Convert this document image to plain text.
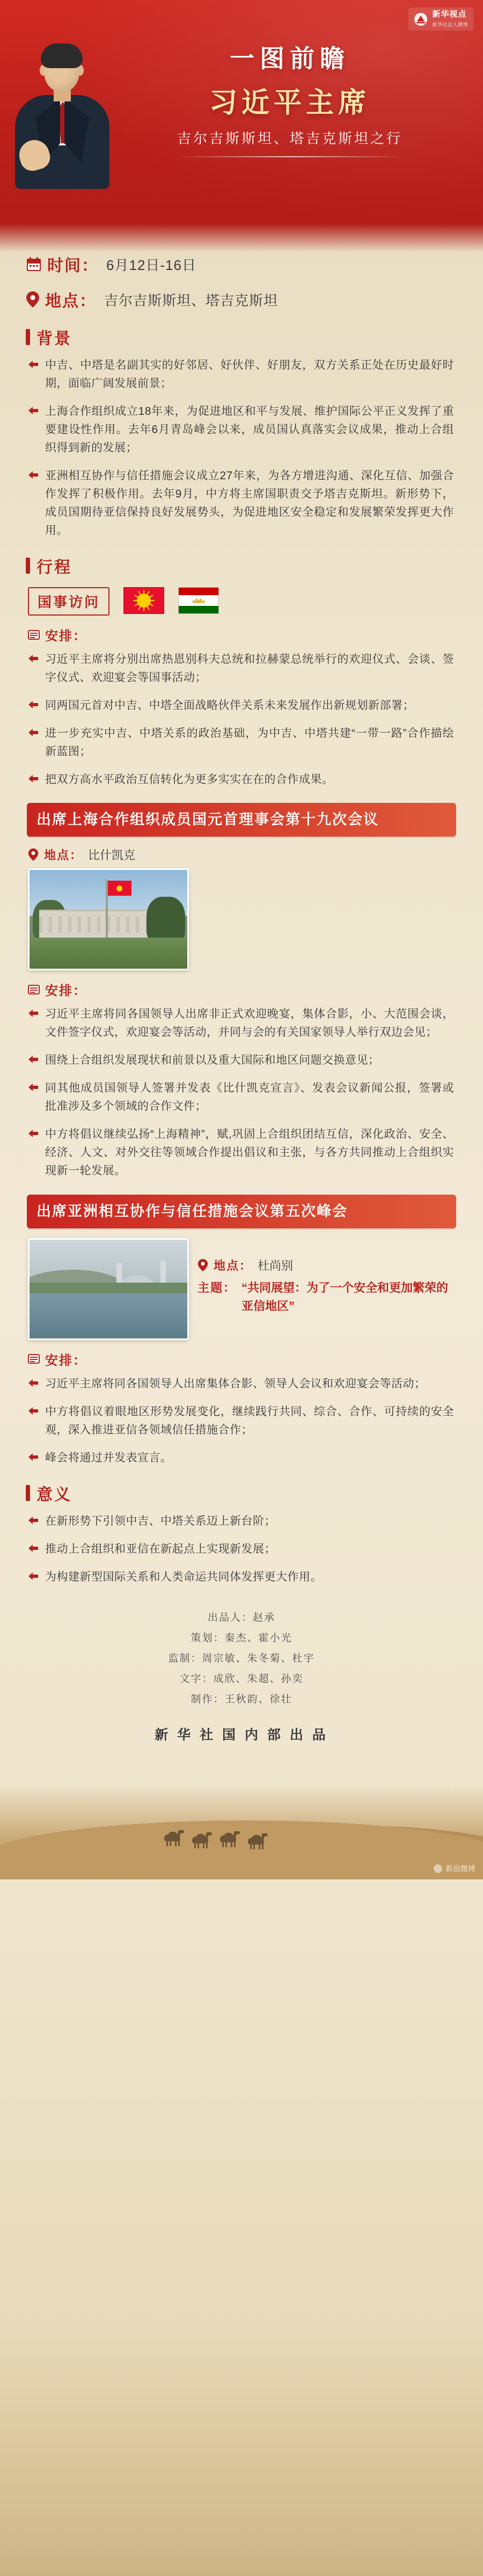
新华视点
新华社法人微博
一图前瞻
习近平主席
吉尔吉斯斯坦、塔吉克斯坦之行
时间： 6月12日-16日
地点： 吉尔吉斯斯坦、塔吉克斯坦
背景

中吉、中塔是名副其实的好邻居、好伙伴、好朋友，双方关系正处在历史最好时期，面临广阔发展前景；

上海合作组织成立18年来，为促进地区和平与发展、维护国际公平正义发挥了重要建设性作用。去年6月青岛峰会以来，成员国认真落实会议成果，推动上合组织得到新的发展；

亚洲相互协作与信任措施会议成立27年来，为各方增进沟通、深化互信、加强合作发挥了积极作用。去年9月，中方将主席国职责交予塔吉克斯坦。新形势下，成员国期待亚信保持良好发展势头，为促进地区安全稳定和发展繁荣发挥更大作用。

行程
国事访问
安排：

习近平主席将分别出席热恩别科夫总统和拉赫蒙总统举行的欢迎仪式、会谈、签字仪式、欢迎宴会等国事活动；

同两国元首对中吉、中塔全面战略伙伴关系未来发展作出新规划新部署；

进一步充实中吉、中塔关系的政治基础，为中吉、中塔共建“一带一路”合作描绘新蓝图；

把双方高水平政治互信转化为更多实实在在的合作成果。

出席上海合作组织成员国元首理事会第十九次会议
地点： 比什凯克
安排：

习近平主席将同各国领导人出席非正式欢迎晚宴，集体合影，小、大范围会谈，文件签字仪式，欢迎宴会等活动，并同与会的有关国家领导人举行双边会见；

围绕上合组织发展现状和前景以及重大国际和地区问题交换意见；

同其他成员国领导人签署并发表《比什凯克宣言》、发表会议新闻公报，签署或批准涉及多个领域的合作文件；

中方将倡议继续弘扬“上海精神”，赋,巩固上合组织团结互信，深化政治、安全、经济、人文、对外交往等领域合作提出倡议和主张，与各方共同推动上合组织实现新一轮发展。

出席亚洲相互协作与信任措施会议第五次峰会
地点： 杜尚别
主题： “共同展望：为了一个安全和更加繁荣的亚信地区”
安排：

习近平主席将同各国领导人出席集体合影、领导人会议和欢迎宴会等活动；

中方将倡议着眼地区形势发展变化，继续践行共同、综合、合作、可持续的安全观，深入推进亚信各领域信任措施合作；

峰会将通过并发表宣言。

意义

在新形势下引领中吉、中塔关系迈上新台阶；

推动上合组织和亚信在新起点上实现新发展；

为构建新型国际关系和人类命运共同体发挥更大作用。

出品人：赵承
策划：秦杰、霍小光
监制：周宗敏、朱冬菊、杜宇
文字：成欣、朱超、孙奕
制作：王秋韵、徐壮
新 华 社 国 内 部 出 品
新浪微博
